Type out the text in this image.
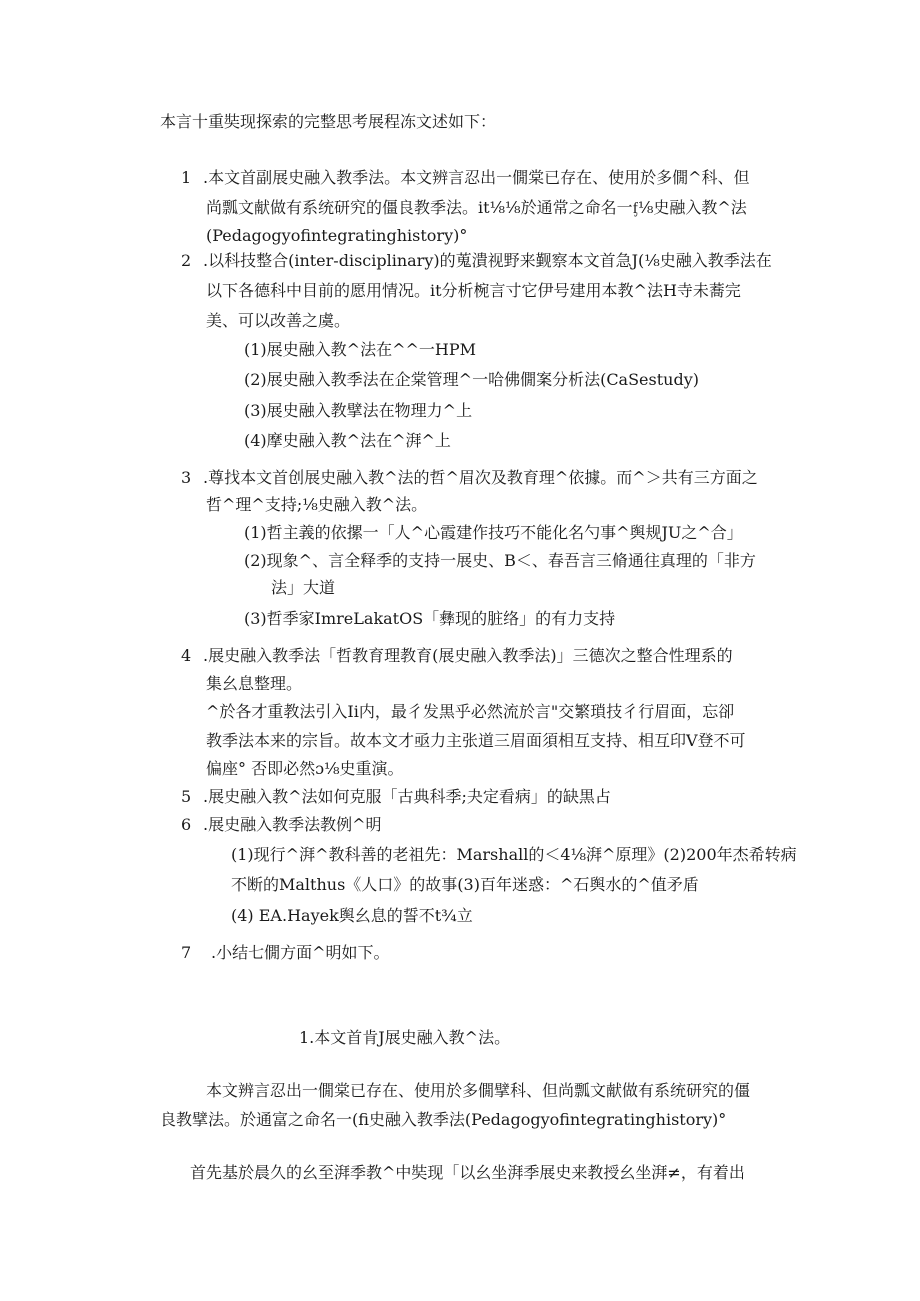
本言十重奘现探索的完整思考展程冻文述如下：
1 .本文首副展史融入教季法。本文辨言忍出一僩棠已存在、使用於多僩^科、但
尚瓢文献做有系统研究的僵良教季法。it⅛⅛於通常之命名一ᶂ⅛史融入教^法
(Pedagogyofintegratinghistory)°
2 .以科技整合(inter-disciplinary)的蒐潰视野来觐察本文首急J(⅛史融入教季法在
以下各德科中目前的愿用情况。it分析椀言寸它伊号建用本教^法H寺未蕎完
美、可以改善之虞。
(1)展史融入教^法在^^一HPM
(2)展史融入教季法在企棠管理^一哈佛僩案分析法(CaSestudy)
(3)展史融入教擘法在物理力^上
(4)摩史融入教^法在^湃^上
3 .尊找本文首创展史融入教^法的哲^眉次及教育理^依據。而^＞共有三方面之
哲^理^支持;⅛史融入教^法。
(1)哲主義的依摞一「人^心霞建作技巧不能化名勺事^舆规JU之^合」
(2)现象^、言全释季的支持一展史、B＜、春吾言三脩通往真理的「非方
法」大道
(3)哲季家ImreLakatOS「彝现的脏络」的有力支持
4 .展史融入教季法「哲教育理教育(展史融入教季法)」三德次之整合性理系的
集幺息整理。
^於各才重教法引入Ii内，最彳发黒乎必然流於言"交繁瑣技彳行眉面，忘卻
教季法本来的宗旨。故本文才亟力主张道三眉面須相互支持、相互印V登不可
偏座° 否即必然ɔ⅛史重演。
5 .展史融入教^法如何克服「古典科季;夬定看病」的缺黒占
6 .展史融入教季法教例^明
(1)现行^湃^教科善的老祖先：Marshall的＜4⅛湃^原理》(2)200年杰希转病
不断的Malthus《人口》的故事(3)百年迷惑：^石舆水的^值矛盾
(4) EA.Hayek舆幺息的誓不t¾立
7 .小结七僩方面^明如下。
1.本文首肯J展史融入教^法。
本文辨言忍出一僩棠已存在、使用於多僩擘科、但尚瓢文献做有系统研究的僵
良教擘法。於通富之命名一(fi史融入教季法(Pedagogyofintegratinghistory)°
首先基於晨久的幺至湃季教^中奘现「以幺坐湃季展史来教授幺坐湃≠，有着出
